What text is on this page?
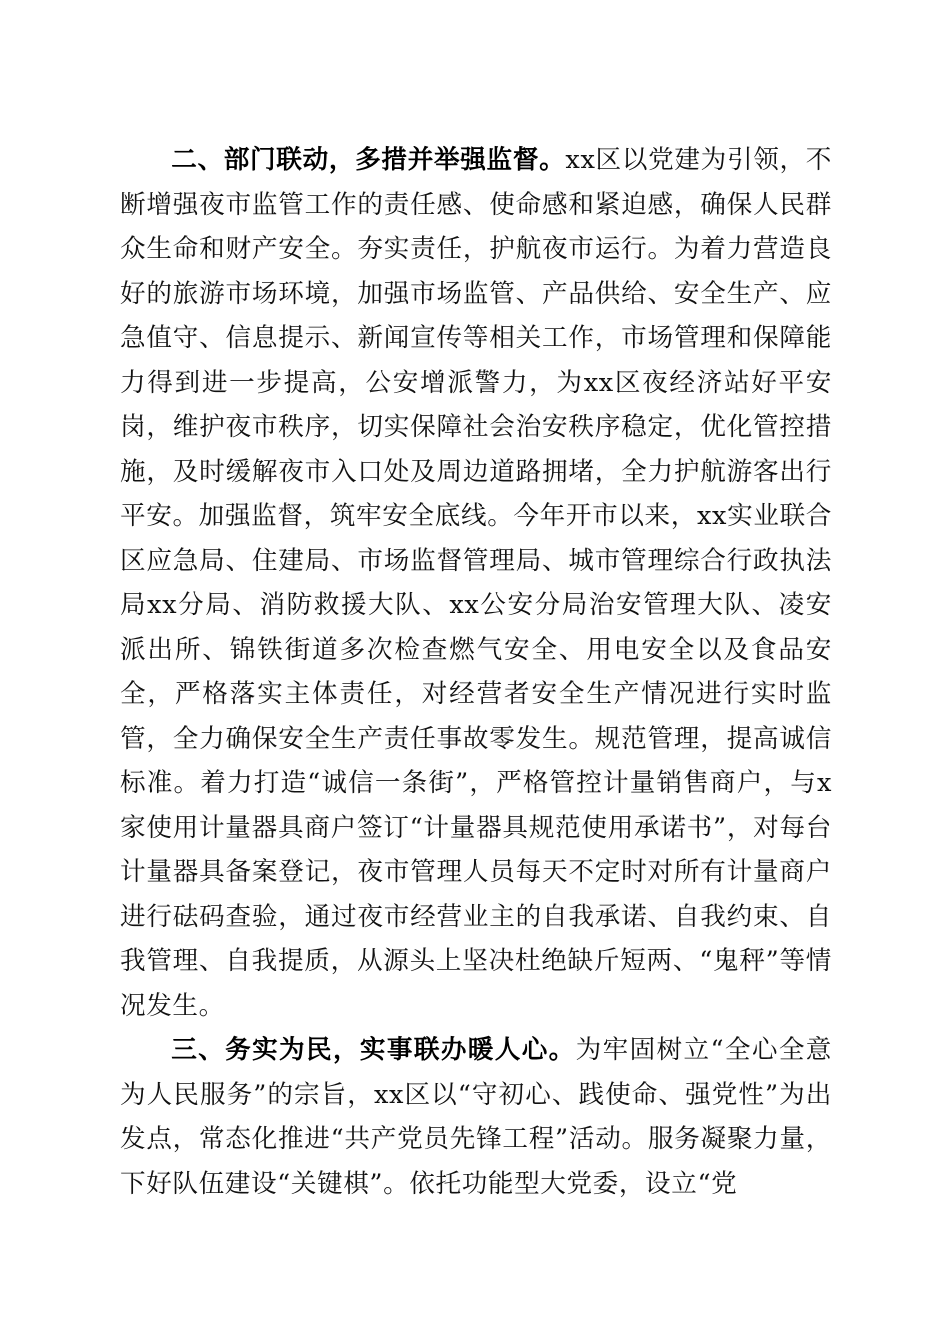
二、部门联动，多措并举强监督。xx区以党建为引领，不断增强夜市监管工作的责任感、使命感和紧迫感，确保人民群众生命和财产安全。夯实责任，护航夜市运行。为着力营造良好的旅游市场环境，加强市场监管、产品供给、安全生产、应急值守、信息提示、新闻宣传等相关工作，市场管理和保障能力得到进一步提高，公安增派警力，为xx区夜经济站好平安岗，维护夜市秩序，切实保障社会治安秩序稳定，优化管控措施，及时缓解夜市入口处及周边道路拥堵，全力护航游客出行平安。加强监督，筑牢安全底线。今年开市以来，xx实业联合区应急局、住建局、市场监督管理局、城市管理综合行政执法局xx分局、消防救援大队、xx公安分局治安管理大队、凌安派出所、锦铁街道多次检查燃气安全、用电安全以及食品安全，严格落实主体责任，对经营者安全生产情况进行实时监管，全力确保安全生产责任事故零发生。规范管理，提高诚信标准。着力打造“诚信一条街”，严格管控计量销售商户，与x家使用计量器具商户签订“计量器具规范使用承诺书”，对每台计量器具备案登记，夜市管理人员每天不定时对所有计量商户进行砝码查验，通过夜市经营业主的自我承诺、自我约束、自我管理、自我提质，从源头上坚决杜绝缺斤短两、“鬼秤”等情况发生。

三、务实为民，实事联办暖人心。为牢固树立“全心全意为人民服务”的宗旨，xx区以“守初心、践使命、强党性”为出发点，常态化推进“共产党员先锋工程”活动。服务凝聚力量，下好队伍建设“关键棋”。依托功能型大党委，设立“党
